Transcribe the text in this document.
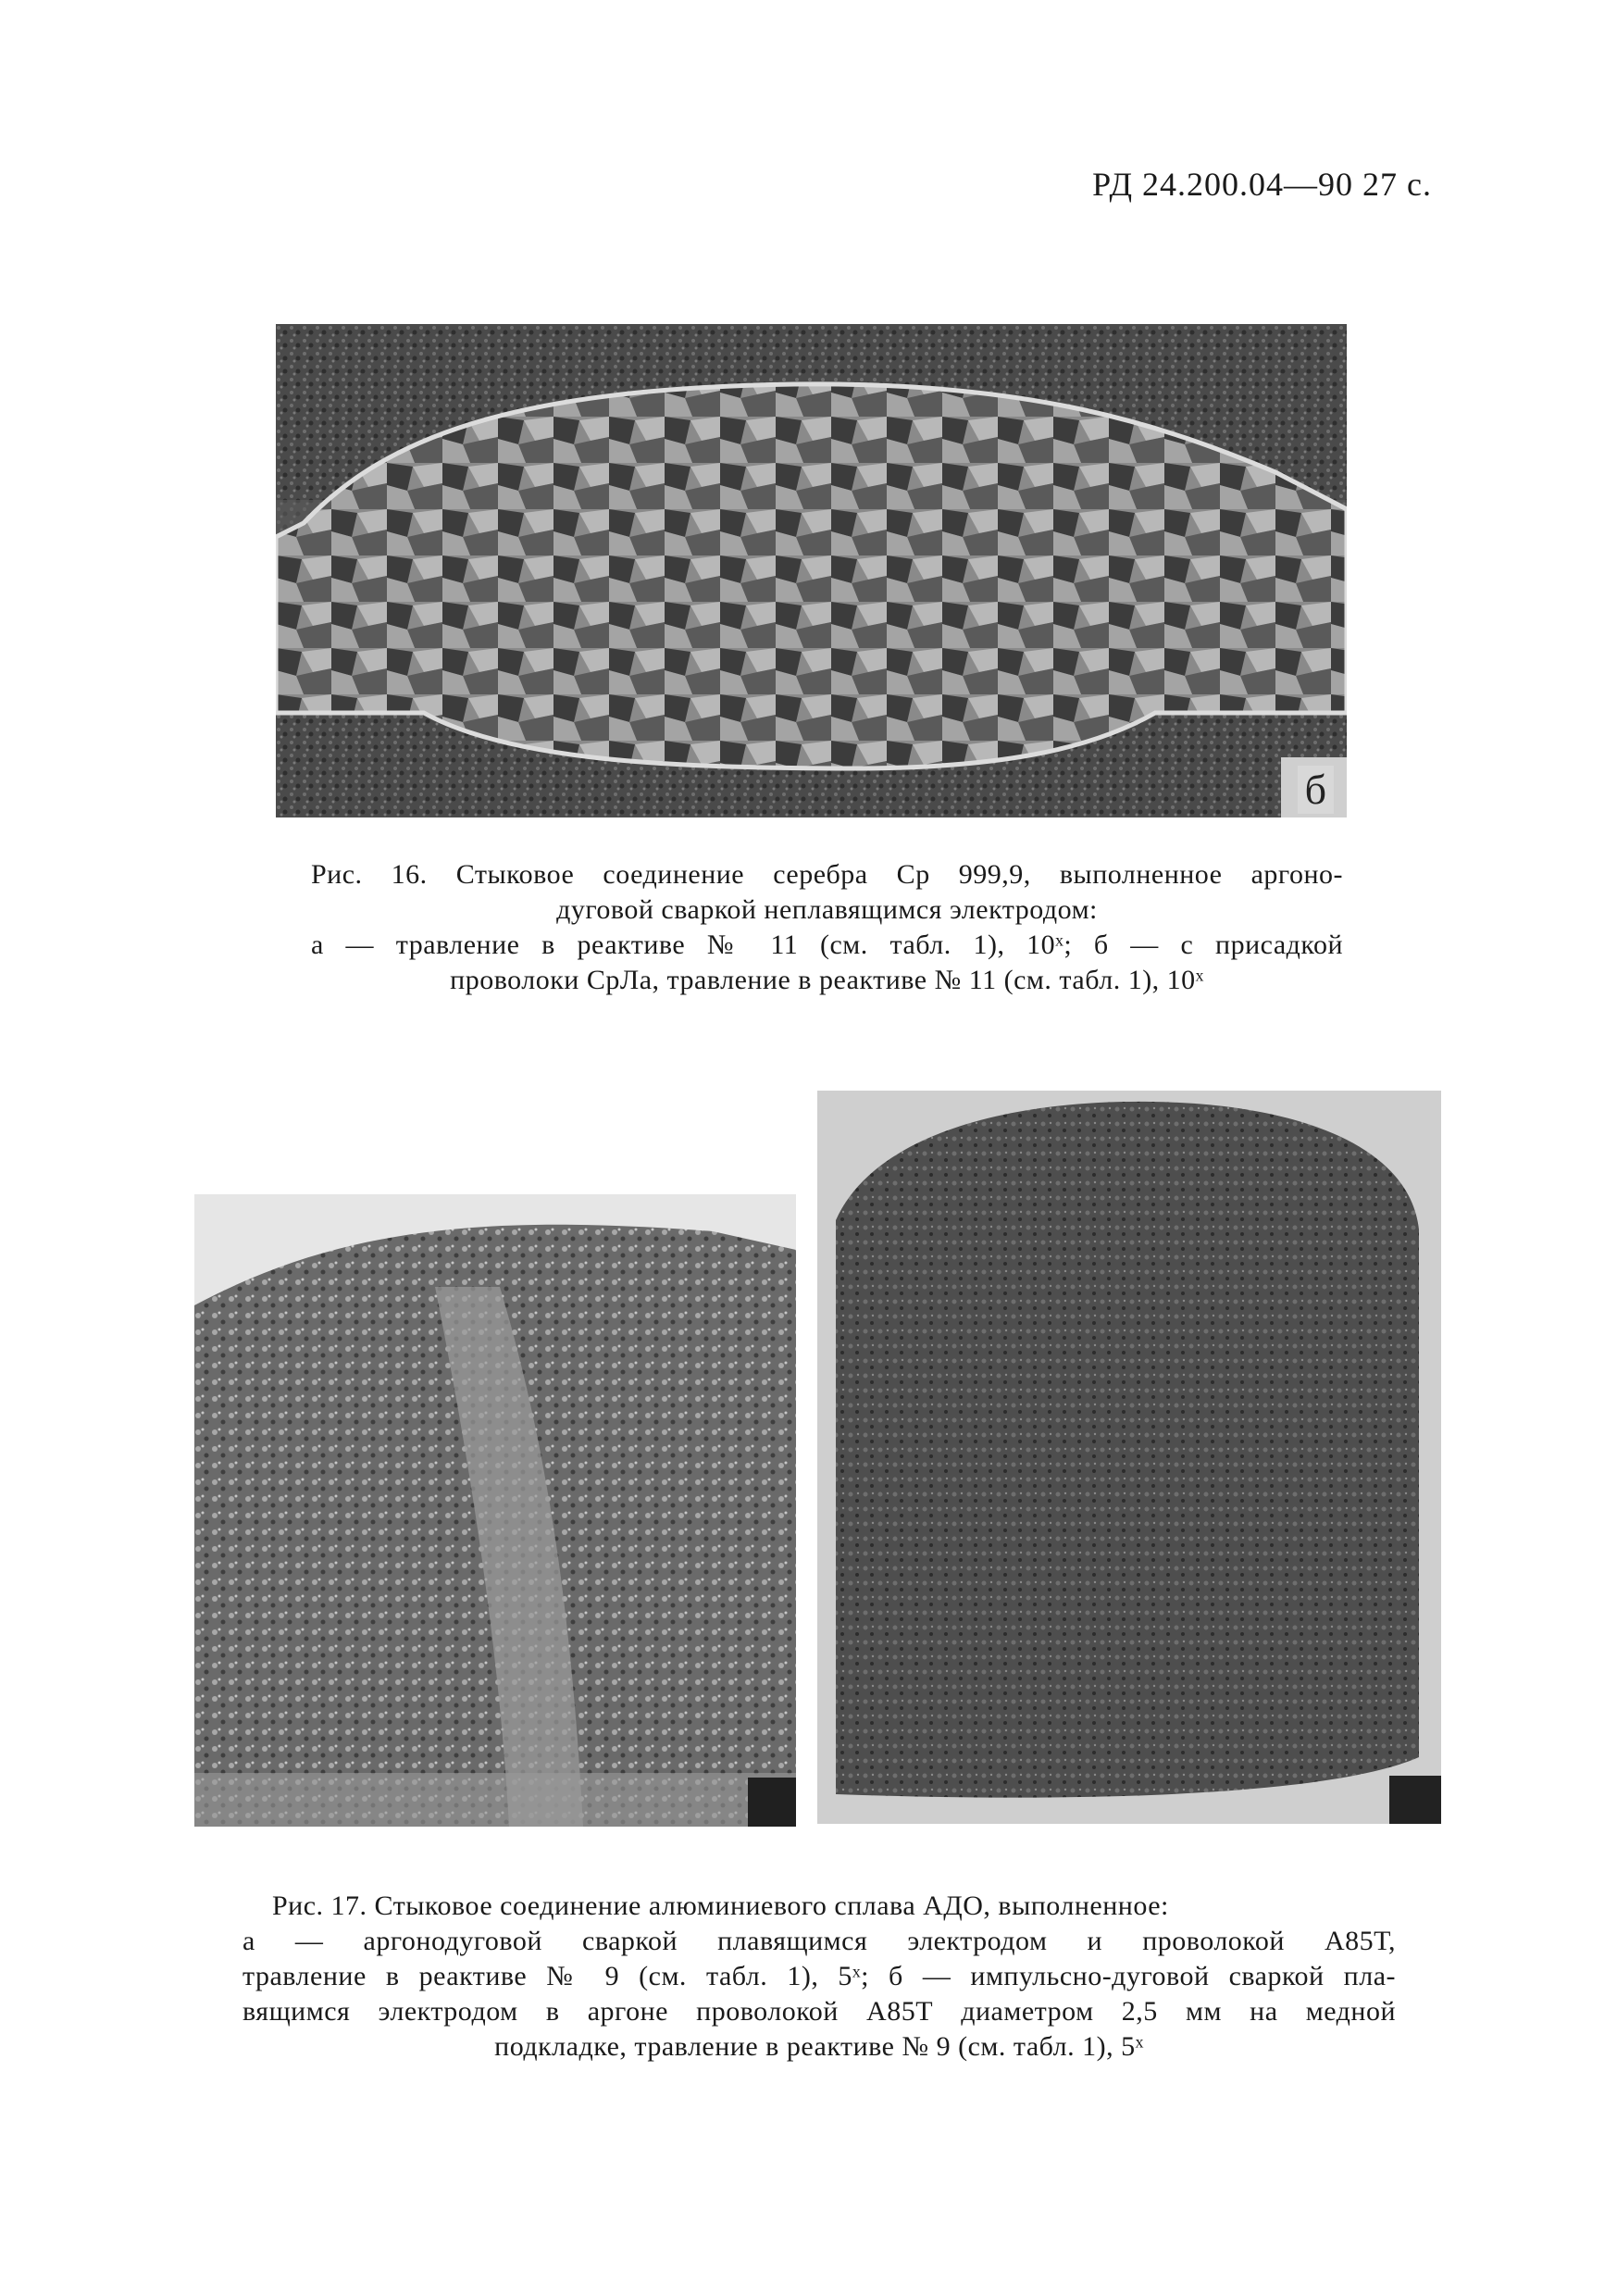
РД 24.200.04—90 27 с.
б
Рис. 16. Стыковое соединение серебра Ср 999,9, выполненное аргоно-
дуговой сваркой неплавящимся электродом:
а — травление в реактиве № 11 (см. табл. 1), 10ˣ; б — с присадкой
проволоки СрЛа, травление в реактиве № 11 (см. табл. 1), 10ˣ
Рис. 17. Стыковое соединение алюминиевого сплава АДО, выполненное:
а — аргонодуговой сваркой плавящимся электродом и проволокой А85Т,
травление в реактиве № 9 (см. табл. 1), 5ˣ; б — импульсно-дуговой сваркой пла-
вящимся электродом в аргоне проволокой А85Т диаметром 2,5 мм на медной
подкладке, травление в реактиве № 9 (см. табл. 1), 5ˣ
